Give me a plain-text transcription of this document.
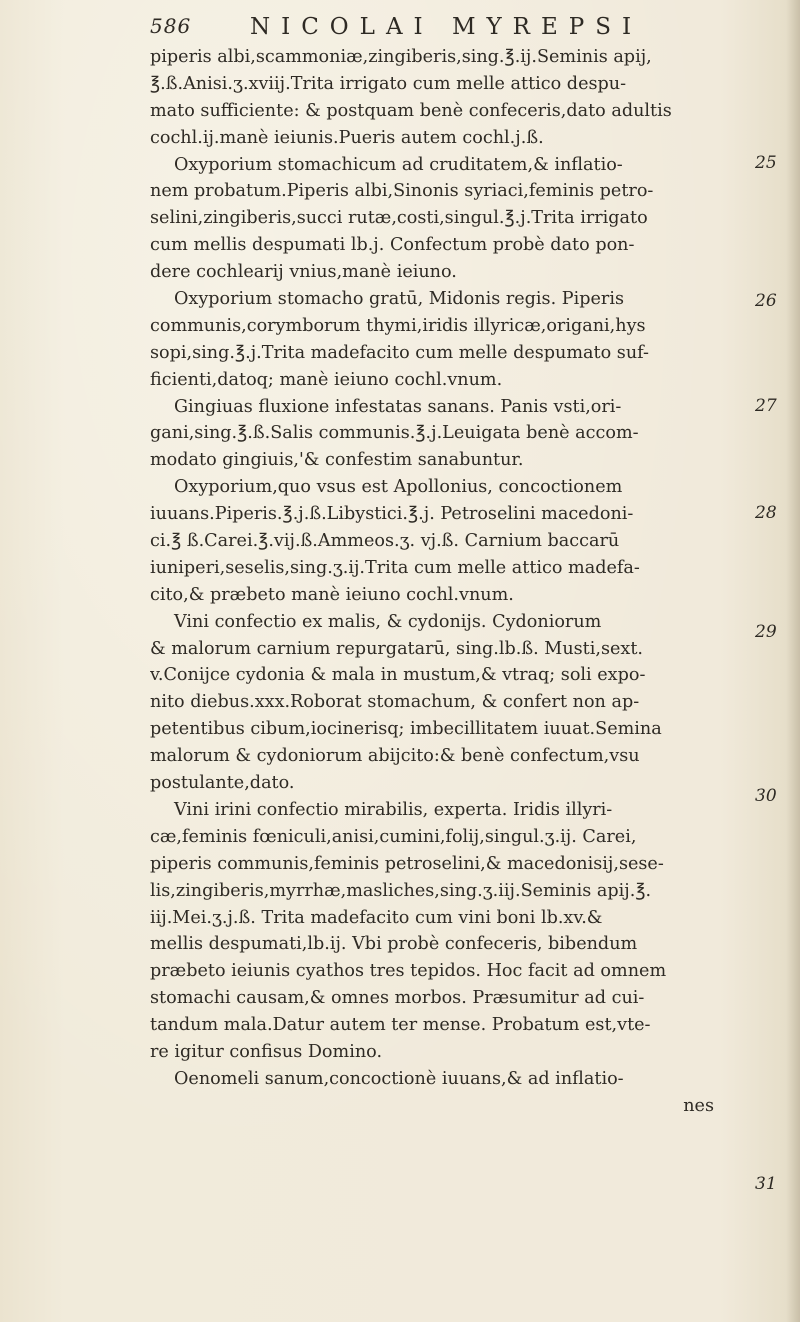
586	NICOLAI MYREPSI
piperis albi,scammoniæ,zingiberis,sing.℥.ij.Seminis apij,
℥.ß.Anisi.ʒ.xviij.Trita irrigato cum melle attico despu-
mato sufficiente: & postquam benè confeceris,dato adultis
cochl.ij.manè ieiunis.Pueris autem cochl.j.ß.
Oxyporium stomachicum ad cruditatem,& inflatio-
nem probatum.Piperis albi,Sinonis syriaci,feminis petro-
selini,zingiberis,succi rutæ,costi,singul.℥.j.Trita irrigato
cum mellis despumati lb.j. Confectum probè dato pon-
dere cochlearij vnius,manè ieiuno.
Oxyporium stomacho gratū, Midonis regis. Piperis
communis,corymborum thymi,iridis illyricæ,origani,hys
sopi,sing.℥.j.Trita madefacito cum melle despumato suf-
ficienti,datoq; manè ieiuno cochl.vnum.
Gingiuas fluxione infestatas sanans. Panis vsti,ori-
gani,sing.℥.ß.Salis communis.℥.j.Leuigata benè accom-
modato gingiuis,'& confestim sanabuntur.
Oxyporium,quo vsus est Apollonius, concoctionem
iuuans.Piperis.℥.j.ß.Libystici.℥.j. Petroselini macedoni-
ci.℥ ß.Carei.℥.vij.ß.Ammeos.ʒ. vj.ß. Carnium baccarū
iuniperi,seselis,sing.ʒ.ij.Trita cum melle attico madefa-
cito,& præbeto manè ieiuno cochl.vnum.
Vini confectio ex malis, & cydonijs. Cydoniorum
& malorum carnium repurgatarū, sing.lb.ß. Musti,sext.
v.Conijce cydonia & mala in mustum,& vtraq; soli expo-
nito diebus.xxx.Roborat stomachum, & confert non ap-
petentibus cibum,iocinerisq; imbecillitatem iuuat.Semina
malorum & cydoniorum abijcito:& benè confectum,vsu
postulante,dato.
Vini irini confectio mirabilis, experta. Iridis illyri-
cæ,feminis fœniculi,anisi,cumini,folij,singul.ʒ.ij. Carei,
piperis communis,feminis petroselini,& macedonisij,sese-
lis,zingiberis,myrrhæ,masliches,sing.ʒ.iij.Seminis apij.℥.
iij.Mei.ʒ.j.ß. Trita madefacito cum vini boni lb.xv.&
mellis despumati,lb.ij. Vbi probè confeceris, bibendum
præbeto ieiunis cyathos tres tepidos. Hoc facit ad omnem
stomachi causam,& omnes morbos. Præsumitur ad cui-
tandum mala.Datur autem ter mense. Probatum est,vte-
re igitur confisus Domino.
Oenomeli sanum,concoctionè iuuans,& ad inflatio-
nes
25
26
27
28
29
30
31
